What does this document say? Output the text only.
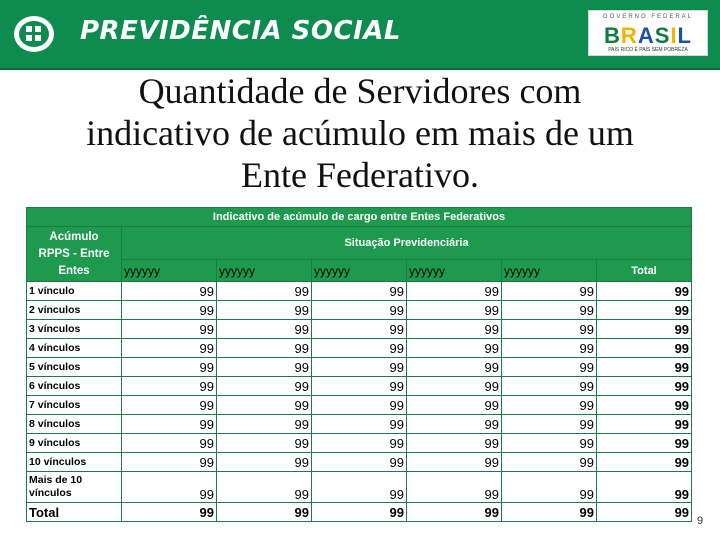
PREVIDÊNCIA SOCIAL	GOVERNO FEDERAL
BRASIL
PAÍS RICO É PAÍS SEM POBREZA
Quantidade de Servidores com
indicativo de acúmulo em mais de um
Ente Federativo.
Indicativo de acúmulo de cargo entre Entes Federativos						

Acúmulo
RPPS - Entre
Entes	Situação Previdenciária					
	yyyyyy	yyyyyy	yyyyyy	yyyyyy	yyyyyy	Total
1 vínculo	99	99	99	99	99	99
2 vínculos	99	99	99	99	99	99
3 vínculos	99	99	99	99	99	99
4 vínculos	99	99	99	99	99	99
5 vínculos	99	99	99	99	99	99
6 vínculos	99	99	99	99	99	99
7 vínculos	99	99	99	99	99	99
8 vínculos	99	99	99	99	99	99
9 vínculos	99	99	99	99	99	99
10 vínculos	99	99	99	99	99	99
Mais de 10 vínculos	99	99	99	99	99	99
Total	99	99	99	99	99	99
9
